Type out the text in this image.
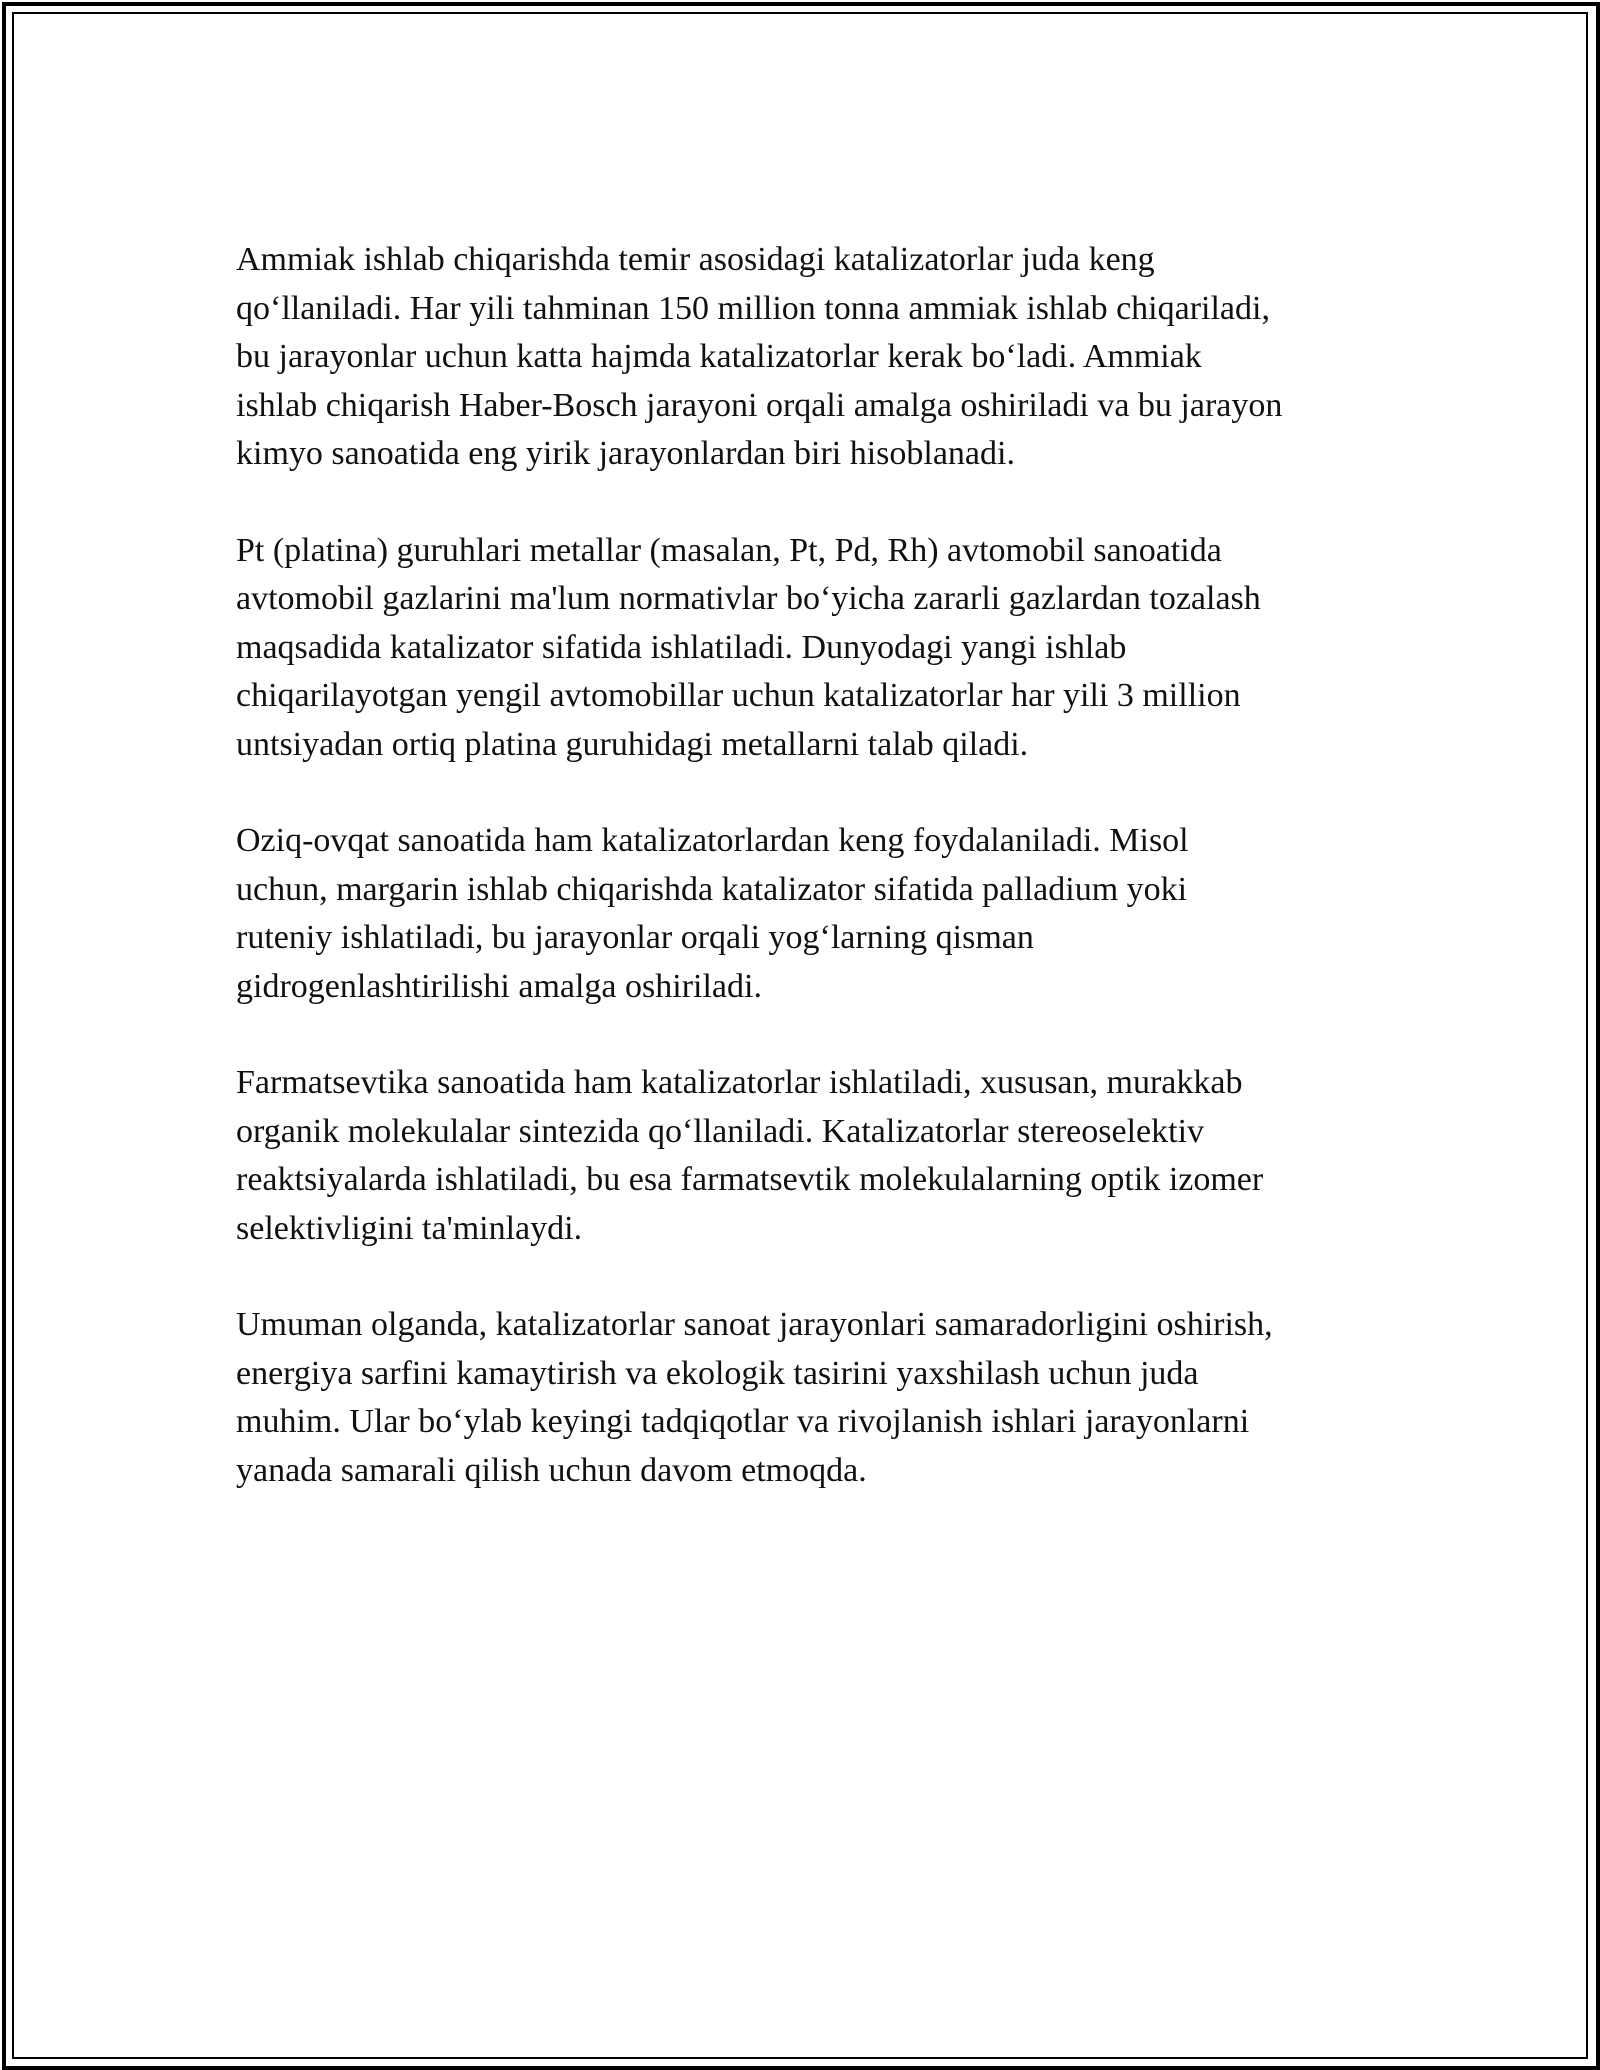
Ammiak ishlab chiqarishda temir asosidagi katalizatorlar juda keng
qo‘llaniladi. Har yili tahminan 150 million tonna ammiak ishlab chiqariladi,
bu jarayonlar uchun katta hajmda katalizatorlar kerak bo‘ladi. Ammiak
ishlab chiqarish Haber-Bosch jarayoni orqali amalga oshiriladi va bu jarayon
kimyo sanoatida eng yirik jarayonlardan biri hisoblanadi.

Pt (platina) guruhlari metallar (masalan, Pt, Pd, Rh) avtomobil sanoatida
avtomobil gazlarini ma'lum normativlar bo‘yicha zararli gazlardan tozalash
maqsadida katalizator sifatida ishlatiladi. Dunyodagi yangi ishlab
chiqarilayotgan yengil avtomobillar uchun katalizatorlar har yili 3 million
untsiyadan ortiq platina guruhidagi metallarni talab qiladi.

Oziq-ovqat sanoatida ham katalizatorlardan keng foydalaniladi. Misol
uchun, margarin ishlab chiqarishda katalizator sifatida palladium yoki
ruteniy ishlatiladi, bu jarayonlar orqali yog‘larning qisman
gidrogenlashtirilishi amalga oshiriladi.

Farmatsevtika sanoatida ham katalizatorlar ishlatiladi, xususan, murakkab
organik molekulalar sintezida qo‘llaniladi. Katalizatorlar stereoselektiv
reaktsiyalarda ishlatiladi, bu esa farmatsevtik molekulalarning optik izomer
selektivligini ta'minlaydi.

Umuman olganda, katalizatorlar sanoat jarayonlari samaradorligini oshirish,
energiya sarfini kamaytirish va ekologik tasirini yaxshilash uchun juda
muhim. Ular bo‘ylab keyingi tadqiqotlar va rivojlanish ishlari jarayonlarni
yanada samarali qilish uchun davom etmoqda.
